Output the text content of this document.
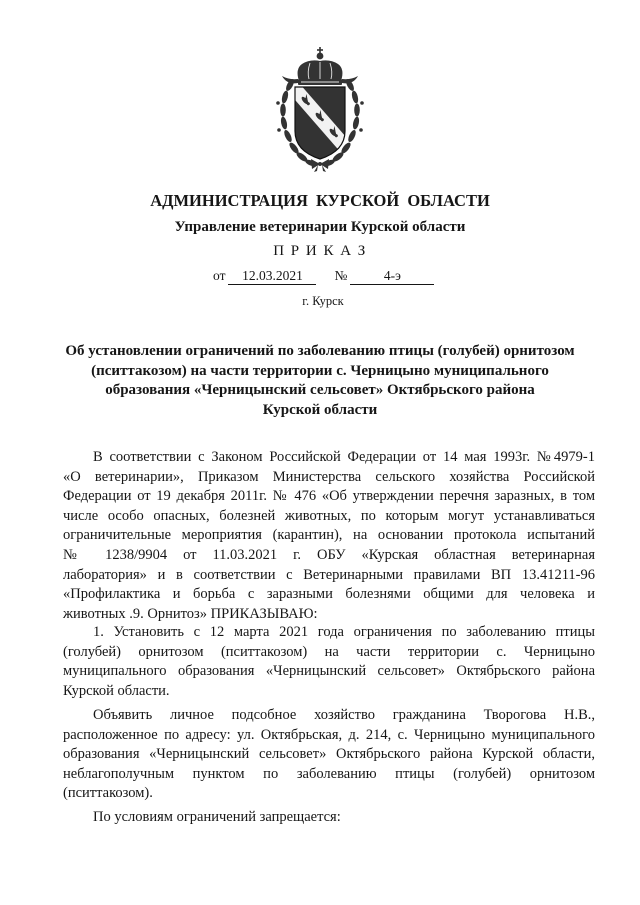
АДМИНИСТРАЦИЯ КУРСКОЙ ОБЛАСТИ
Управление ветеринарии Курской области
П Р И К А З
от	12.03.2021	№	4-э
г. Курск
Об установлении ограничений по заболеванию птицы (голубей) орнитозом
(пситтакозом) на части территории с. Черницыно муниципального
образования «Черницынский сельсовет» Октябрьского района
Курской области
В соответствии с Законом Российской Федерации от 14 мая 1993г. №4979-1
«О ветеринарии», Приказом Министерства сельского хозяйства Российской
Федерации от 19 декабря 2011г. № 476 «Об утверждении перечня заразных, в том
числе особо опасных, болезней животных, по которым могут устанавливаться
ограничительные мероприятия (карантин), на основании протокола испытаний
№ 1238/9904 от 11.03.2021 г. ОБУ «Курская областная ветеринарная
лаборатория» и в соответствии с Ветеринарными правилами ВП 13.41211-96
«Профилактика и борьба с заразными болезнями общими для человека и
животных .9. Орнитоз» ПРИКАЗЫВАЮ:
1. Установить с 12 марта 2021 года ограничения по заболеванию птицы
(голубей) орнитозом (пситтакозом) на части территории с. Черницыно
муниципального образования «Черницынский сельсовет» Октябрьского района
Курской области.
Объявить личное подсобное хозяйство гражданина Творогова Н.В.,
расположенное по адресу: ул. Октябрьская, д. 214, с. Черницыно муниципального
образования «Черницынский сельсовет» Октябрьского района Курской области,
неблагополучным пунктом по заболеванию птицы (голубей) орнитозом
(пситтакозом).
По условиям ограничений запрещается:
